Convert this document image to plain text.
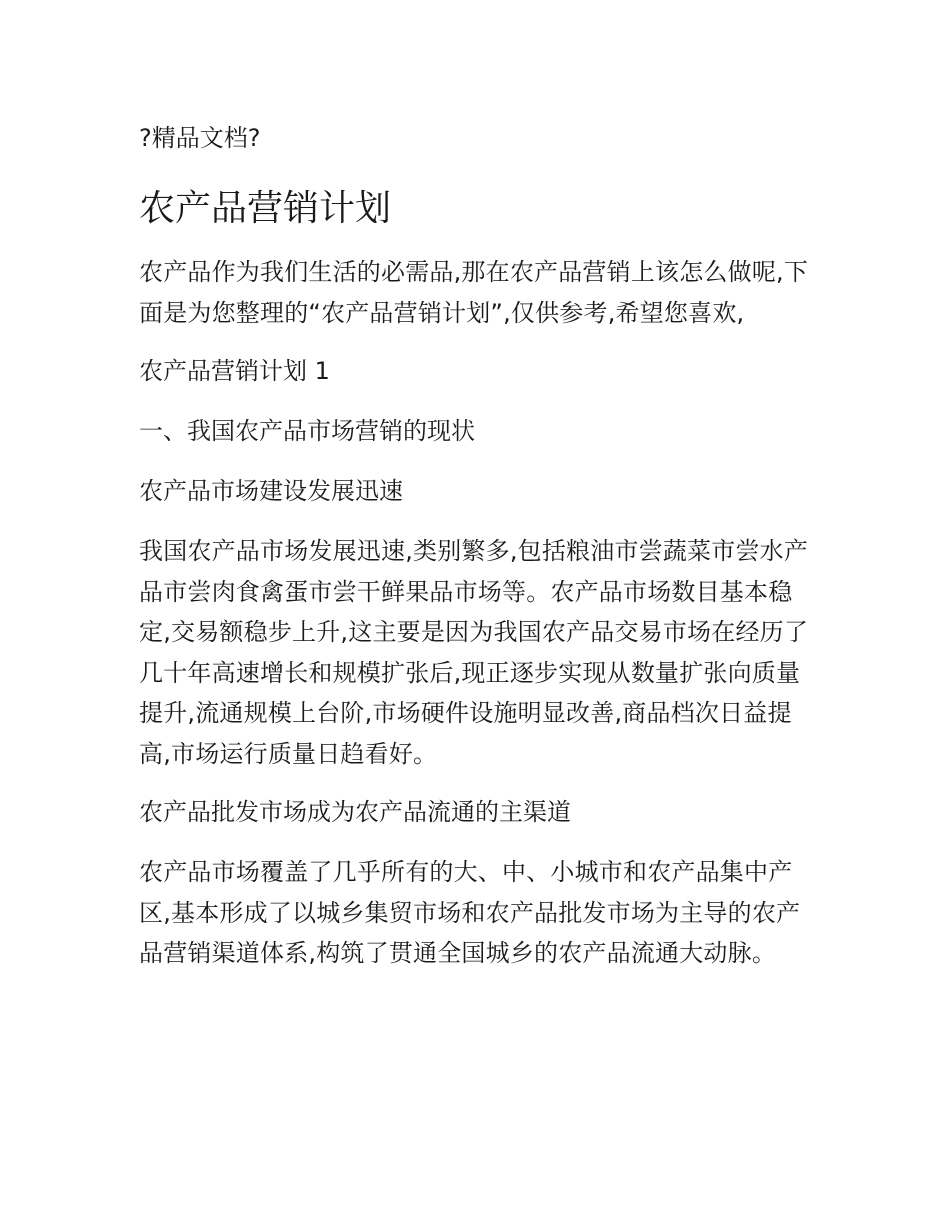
?精品文档?
农产品营销计划

农产品作为我们生活的必需品,那在农产品营销上该怎么做呢,下面是为您整理的“农产品营销计划”,仅供参考,希望您喜欢,

农产品营销计划 1
一、我国农产品市场营销的现状
农产品市场建设发展迅速

我国农产品市场发展迅速,类别繁多,包括粮油市尝蔬菜市尝水产品市尝肉食禽蛋市尝干鲜果品市场等。农产品市场数目基本稳定,交易额稳步上升,这主要是因为我国农产品交易市场在经历了几十年高速增长和规模扩张后,现正逐步实现从数量扩张向质量提升,流通规模上台阶,市场硬件设施明显改善,商品档次日益提高,市场运行质量日趋看好。

农产品批发市场成为农产品流通的主渠道

农产品市场覆盖了几乎所有的大、中、小城市和农产品集中产区,基本形成了以城乡集贸市场和农产品批发市场为主导的农产品营销渠道体系,构筑了贯通全国城乡的农产品流通大动脉。
